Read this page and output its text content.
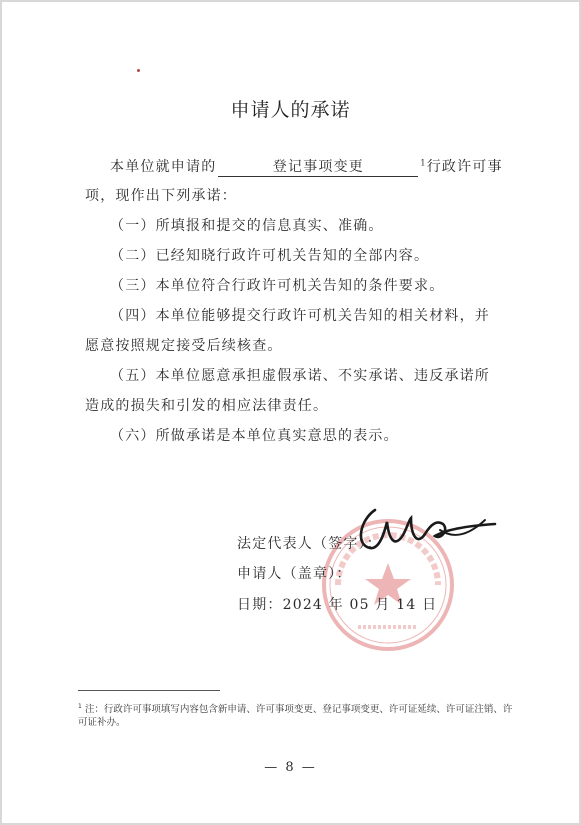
申请人的承诺
本单位就申请的	登记事项变更	$^1$行政许可事
项，现作出下列承诺：
（一）所填报和提交的信息真实、准确。
（二）已经知晓行政许可机关告知的全部内容。
（三）本单位符合行政许可机关告知的条件要求。
（四）本单位能够提交行政许可机关告知的相关材料，并
愿意按照规定接受后续核查。
（五）本单位愿意承担虚假承诺、不实承诺、违反承诺所
造成的损失和引发的相应法律责任。
（六）所做承诺是本单位真实意思的表示。
法定代表人（签字）：
申请人（盖章）：
日期：2024 年 05 月 14 日
$^1$ 注：行政许可事项填写内容包含新申请、许可事项变更、登记事项变更、许可证延续、许可证注销、许可证补办。
— 8 —
